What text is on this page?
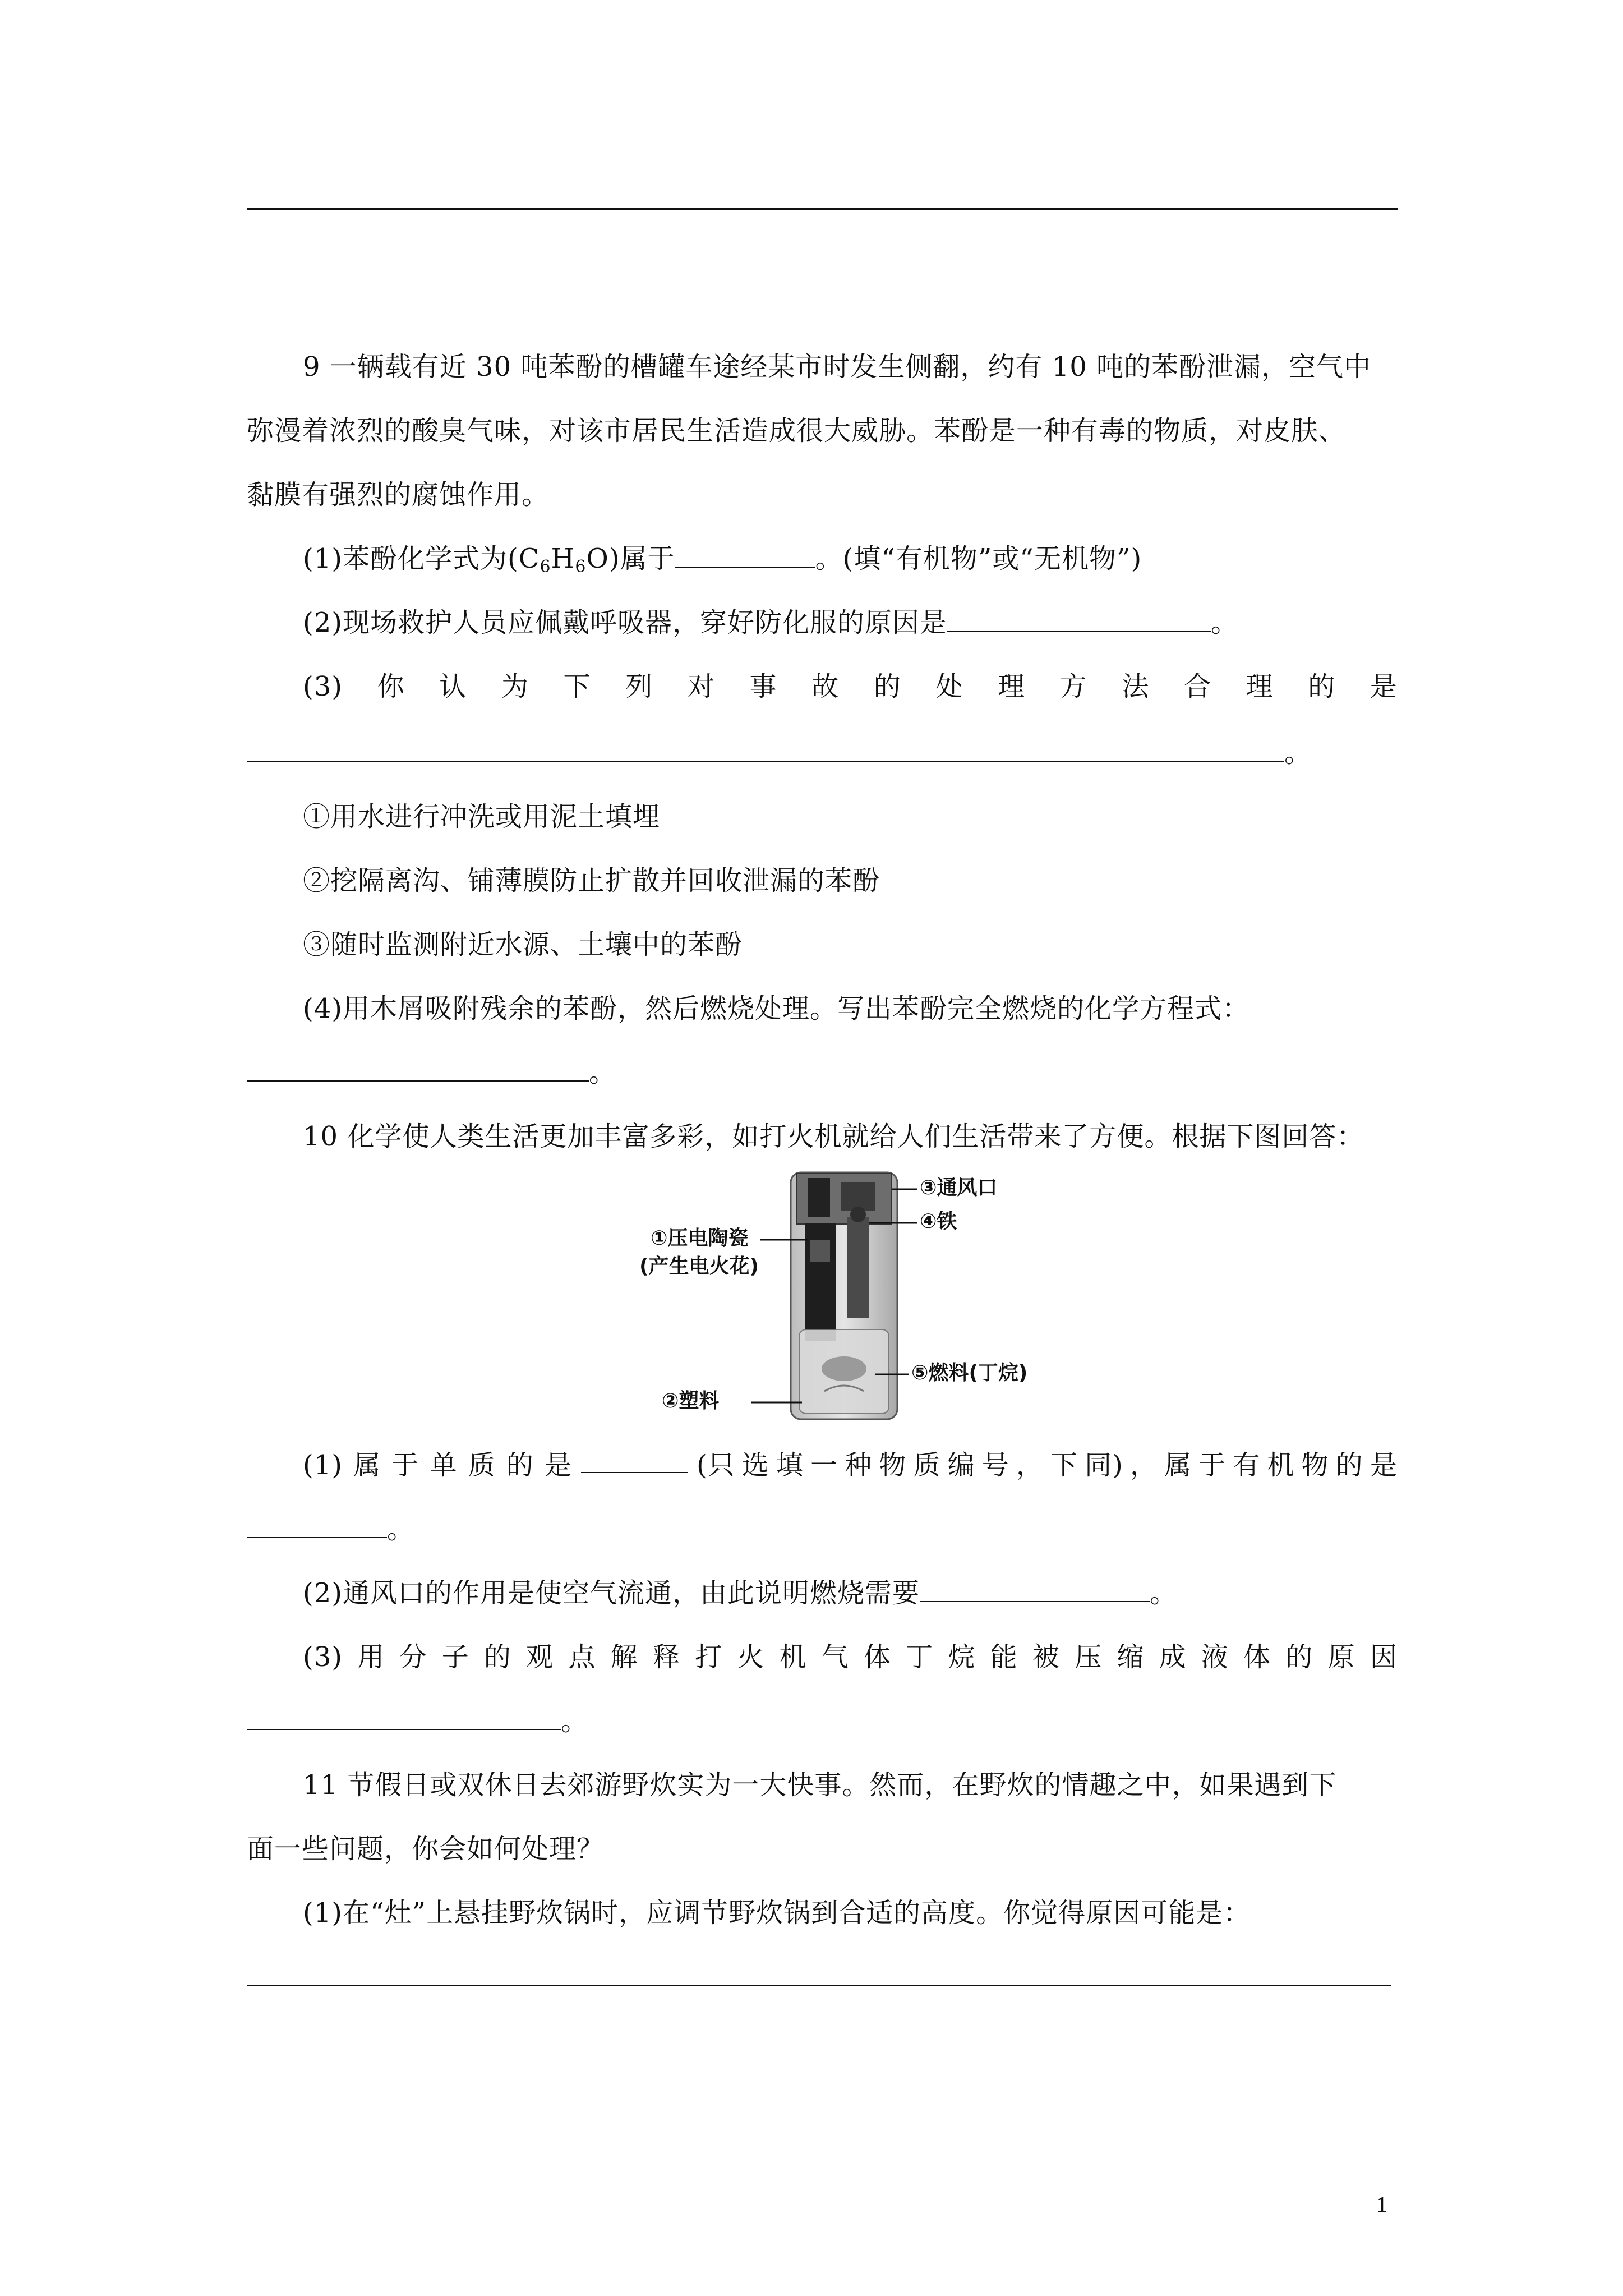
9 一辆载有近 30 吨苯酚的槽罐车途经某市时发生侧翻，约有 10 吨的苯酚泄漏，空气中
弥漫着浓烈的酸臭气味，对该市居民生活造成很大威胁。苯酚是一种有毒的物质，对皮肤、
黏膜有强烈的腐蚀作用。
(1)苯酚化学式为$(C_6H_6O)$属于	。(填“有机物”或“无机物”)
(2)现场救护人员应佩戴呼吸器，穿好防化服的原因是	。
(3) 你 认 为 下 列 对 事 故 的 处 理 方 法 合 理 的 是
。
①用水进行冲洗或用泥土填埋
②挖隔离沟、铺薄膜防止扩散并回收泄漏的苯酚
③随时监测附近水源、土壤中的苯酚
(4)用木屑吸附残余的苯酚，然后燃烧处理。写出苯酚完全燃烧的化学方程式：
。
10 化学使人类生活更加丰富多彩，如打火机就给人们生活带来了方便。根据下图回答：
③通风口
④铁
①压电陶瓷
(产生电火花)
②塑料
⑤燃料(丁烷)
(1) 属 于 单 质 的 是	(只 选 填 一 种 物 质 编 号 ， 下 同) ， 属 于 有 机 物 的 是
。
(2)通风口的作用是使空气流通，由此说明燃烧需要	。
(3) 用 分 子 的 观 点 解 释 打 火 机 气 体 丁 烷 能 被 压 缩 成 液 体 的 原 因
。
11 节假日或双休日去郊游野炊实为一大快事。然而，在野炊的情趣之中，如果遇到下
面一些问题，你会如何处理？
(1)在“灶”上悬挂野炊锅时，应调节野炊锅到合适的高度。你觉得原因可能是：
1
